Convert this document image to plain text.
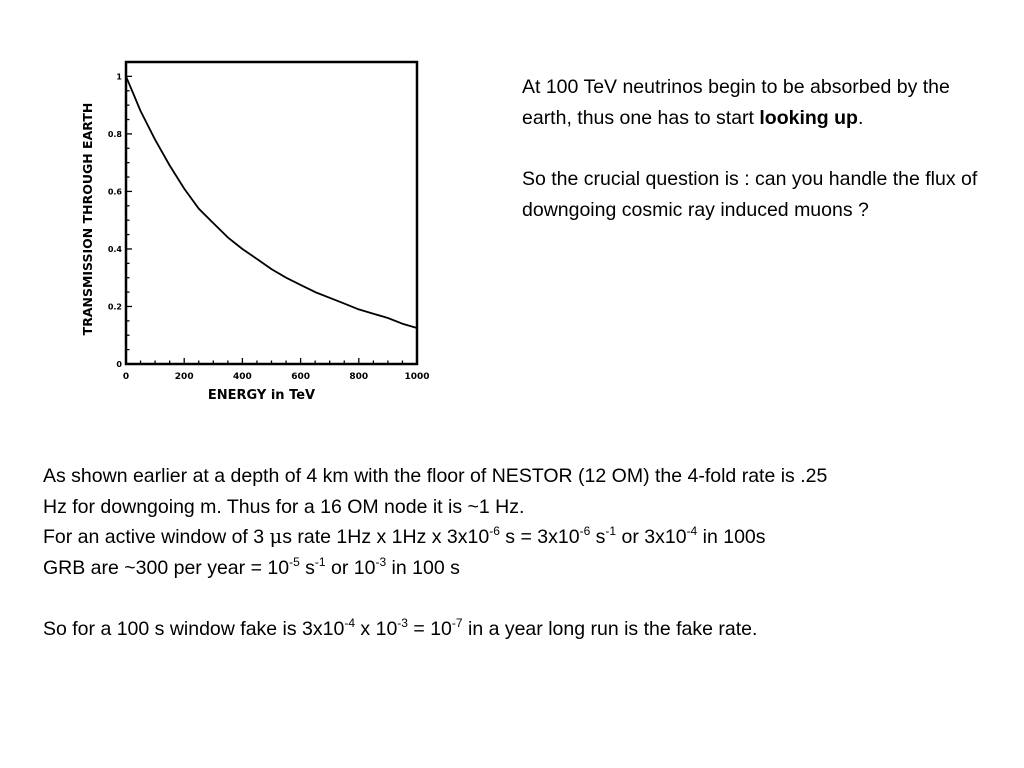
0	200	400	600	800	1000
0
0.2
0.4
0.6
0.8
1
ENERGY in TeV
TRANSMISSION THROUGH EARTH

At 100 TeV neutrinos begin to be absorbed by the earth, thus one has to start looking up.

So the crucial question is : can you handle the flux of downgoing cosmic ray induced muons ?

As shown earlier at a depth of 4 km with the floor of NESTOR (12 OM) the 4-fold rate is .25

Hz for downgoing m. Thus for a 16 OM node it is ~1 Hz.

For an active window of 3 μs rate 1Hz x 1Hz x $3x10^{-6}$ $s = 3x10^{-6}$ $s^{-1}$ or $3x10^{-4}$ in 100s

GRB are ~300 per year = $10^{-5}$ $s^{-1}$ or $10^{-3}$ in 100 s

So for a 100 s window fake is $3x10^{-4}$ x $10^{-3} = 10^{-7}$ in a year long run is the fake rate.
